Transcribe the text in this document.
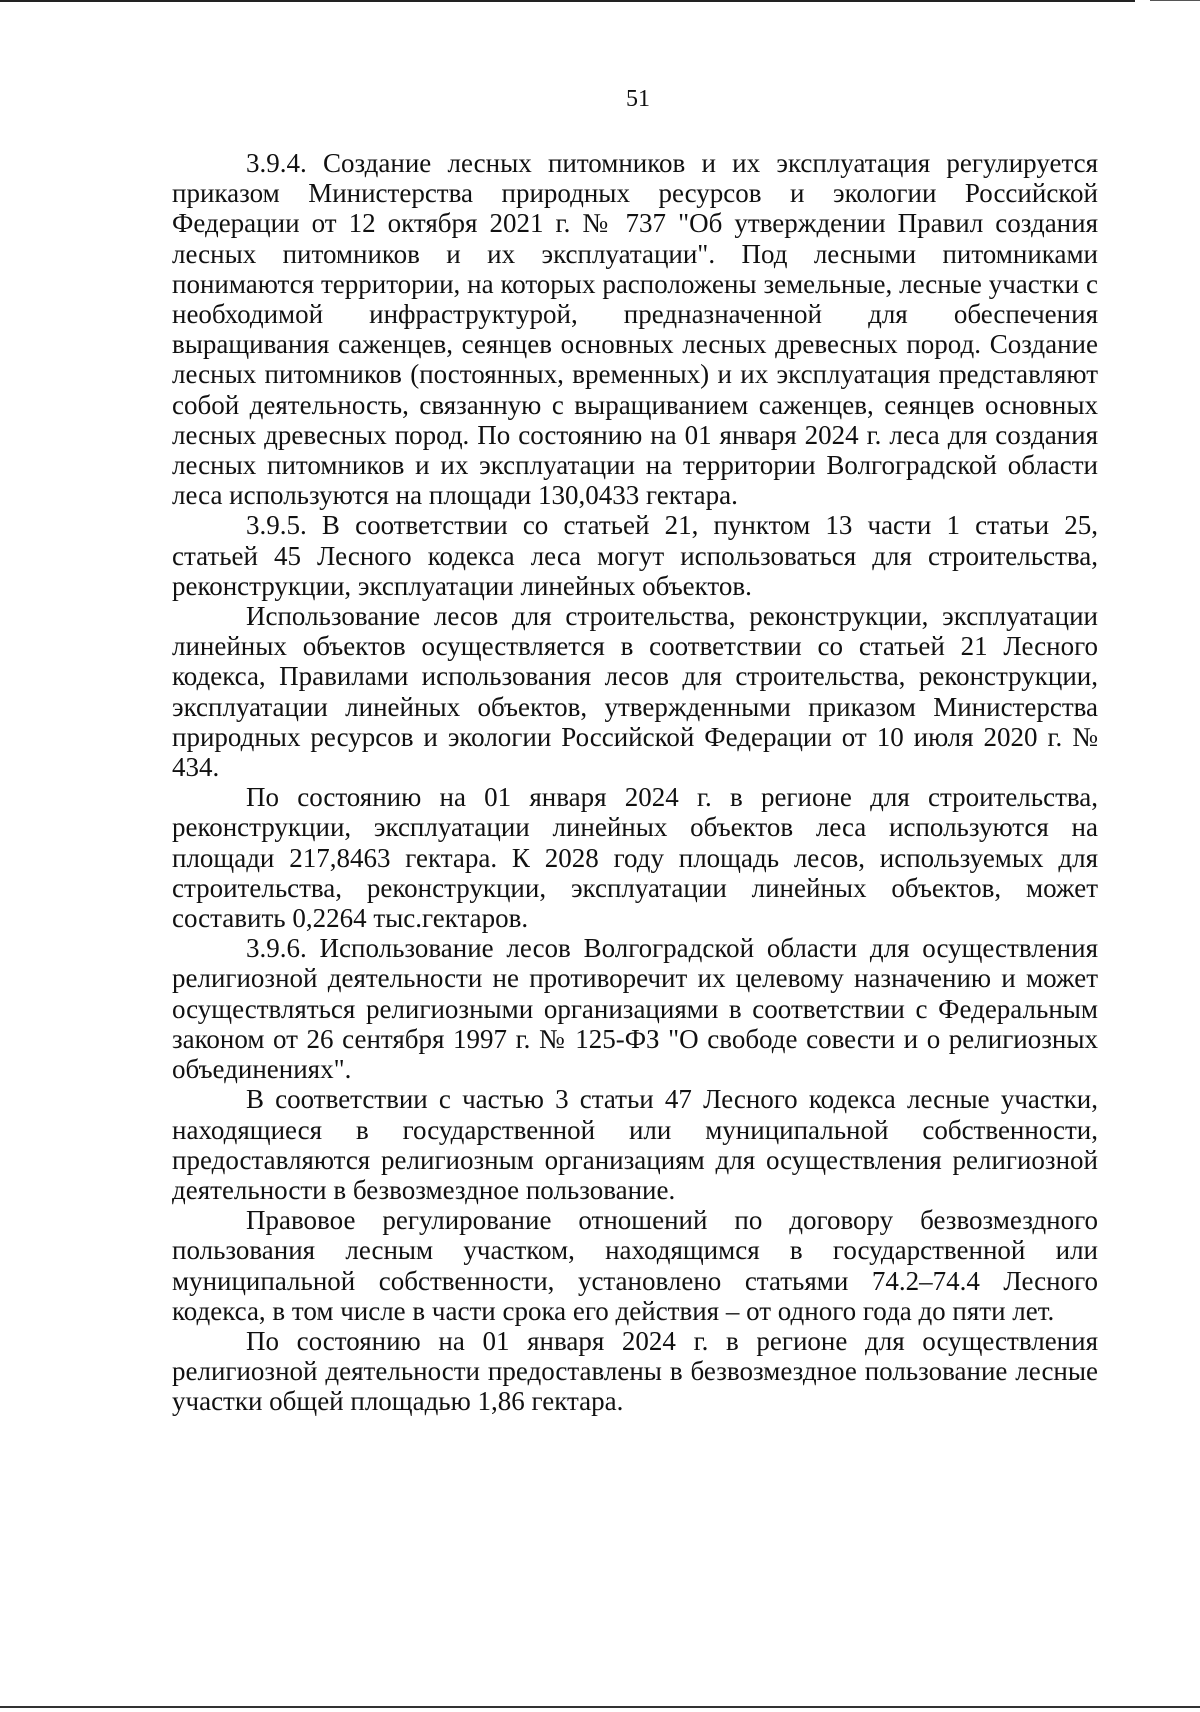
51

3.9.4. Создание лесных питомников и их эксплуатация регулируется приказом Министерства природных ресурсов и экологии Российской Федерации от 12 октября 2021 г. № 737 "Об утверждении Правил создания лесных питомников и их эксплуатации". Под лесными питомниками понимаются территории, на которых расположены земельные, лесные участки с необходимой инфраструктурой, предназначенной для обеспечения выращивания саженцев, сеянцев основных лесных древесных пород. Создание лесных питомников (постоянных, временных) и их эксплуатация представляют собой деятельность, связанную с выращиванием саженцев, сеянцев основных лесных древесных пород. По состоянию на 01 января 2024 г. леса для создания лесных питомников и их эксплуатации на территории Волгоградской области леса используются на площади 130,0433 гектара.

3.9.5. В соответствии со статьей 21, пунктом 13 части 1 статьи 25, статьей 45 Лесного кодекса леса могут использоваться для строительства, реконструкции, эксплуатации линейных объектов.

Использование лесов для строительства, реконструкции, эксплуатации линейных объектов осуществляется в соответствии со статьей 21 Лесного кодекса, Правилами использования лесов для строительства, реконструкции, эксплуатации линейных объектов, утвержденными приказом Министерства природных ресурсов и экологии Российской Федерации от 10 июля 2020 г. № 434.

По состоянию на 01 января 2024 г. в регионе для строительства, реконструкции, эксплуатации линейных объектов леса используются на площади 217,8463 гектара. К 2028 году площадь лесов, используемых для строительства, реконструкции, эксплуатации линейных объектов, может составить 0,2264 тыс.гектаров.

3.9.6. Использование лесов Волгоградской области для осуществления религиозной деятельности не противоречит их целевому назначению и может осуществляться религиозными организациями в соответствии с Федеральным законом от 26 сентября 1997 г. № 125-ФЗ "О свободе совести и о религиозных объединениях".

В соответствии с частью 3 статьи 47 Лесного кодекса лесные участки, находящиеся в государственной или муниципальной собственности, предоставляются религиозным организациям для осуществления религиозной деятельности в безвозмездное пользование.

Правовое регулирование отношений по договору безвозмездного пользования лесным участком, находящимся в государственной или муниципальной собственности, установлено статьями 74.2–74.4 Лесного кодекса, в том числе в части срока его действия – от одного года до пяти лет.

По состоянию на 01 января 2024 г. в регионе для осуществления религиозной деятельности предоставлены в безвозмездное пользование лесные участки общей площадью 1,86 гектара.
